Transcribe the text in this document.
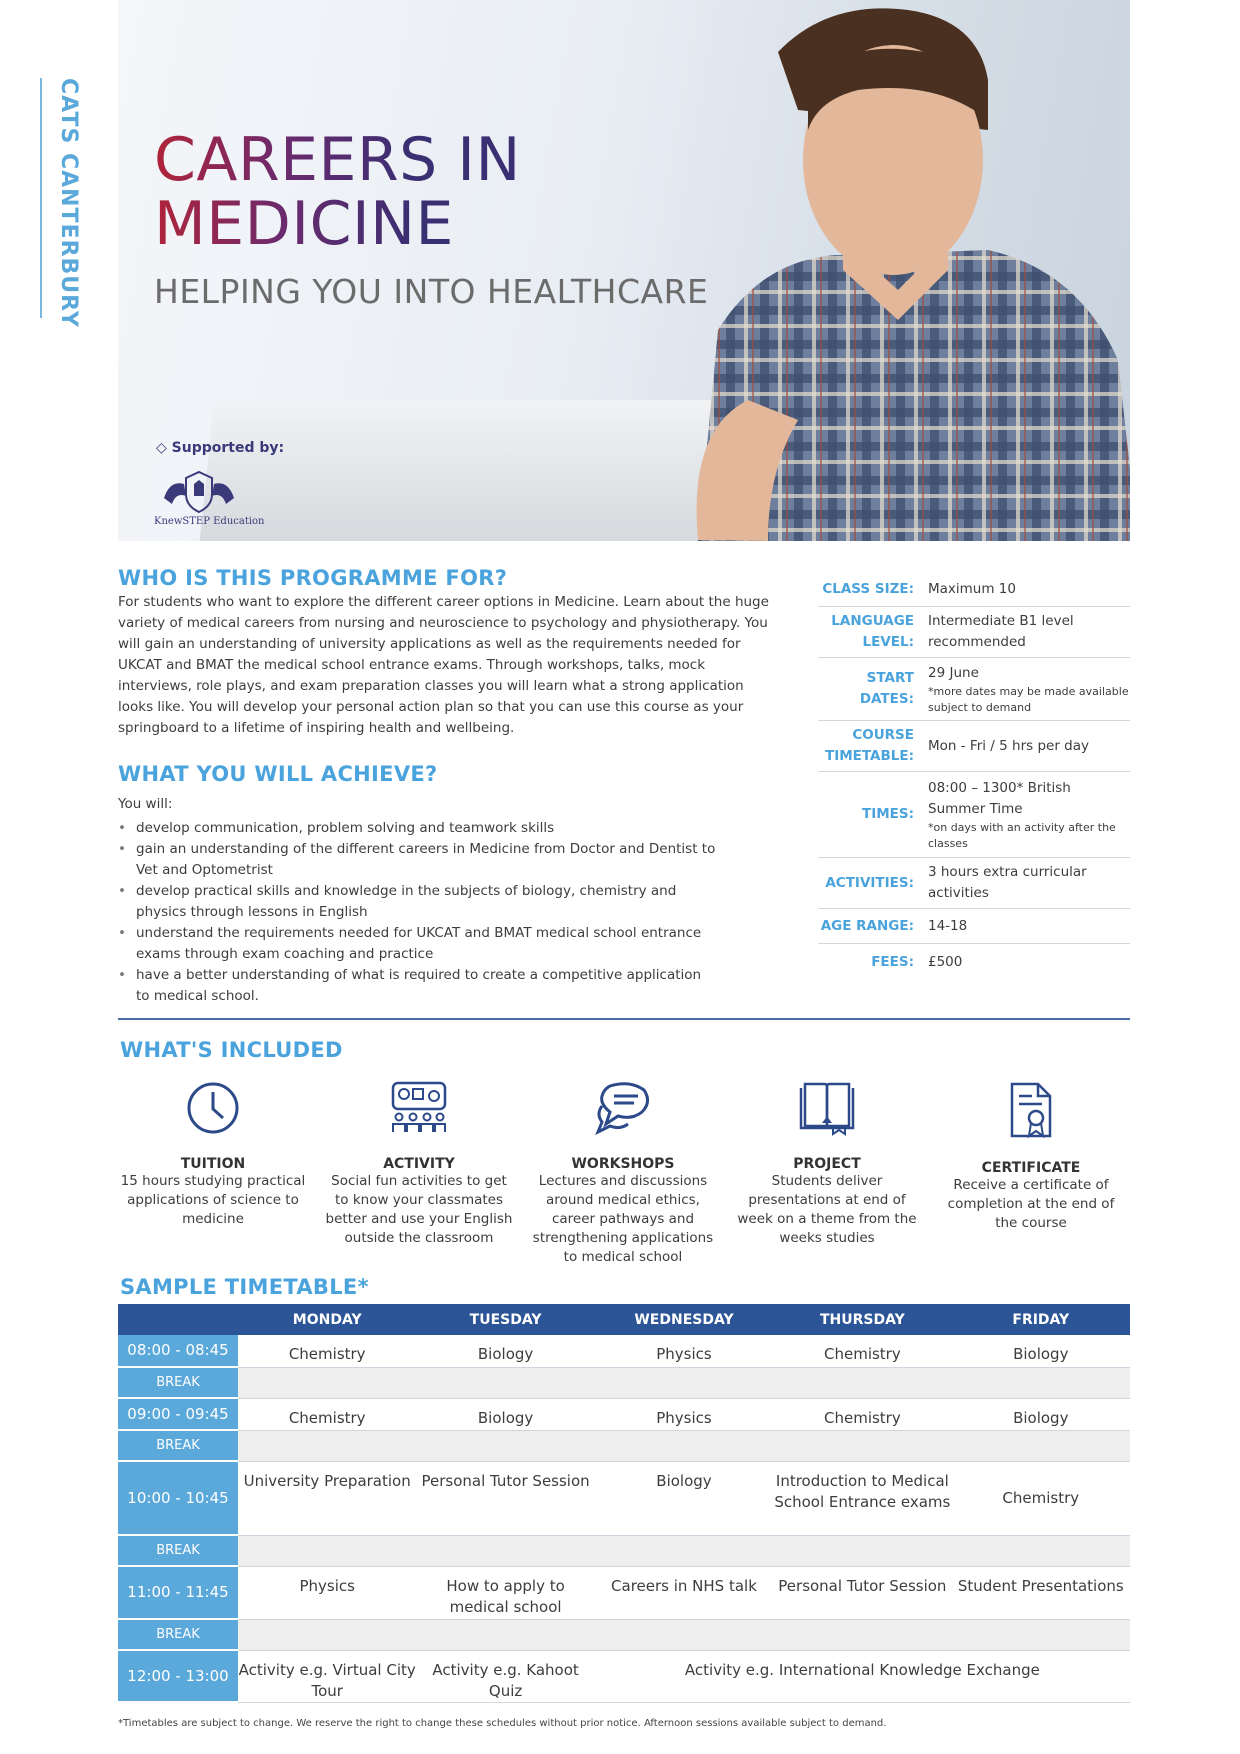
CATS CANTERBURY CAREERS IN
MEDICINE
HELPING YOU INTO HEALTHCARE
◇ Supported by:
KnewSTEP Education
WHO IS THIS PROGRAMME FOR?
For students who want to explore the different career options in Medicine. Learn about the huge variety of medical careers from nursing and neuroscience to psychology and physiotherapy. You will gain an understanding of university applications as well as the requirements needed for UKCAT and BMAT the medical school entrance exams. Through workshops, talks, mock interviews, role plays, and exam preparation classes you will learn what a strong application looks like. You will develop your personal action plan so that you can use this course as your springboard to a lifetime of inspiring health and wellbeing.
WHAT YOU WILL ACHIEVE?
You will:
• develop communication, problem solving and teamwork skills
• gain an understanding of the different careers in Medicine from Doctor and Dentist to Vet and Optometrist
• develop practical skills and knowledge in the subjects of biology, chemistry and physics through lessons in English
• understand the requirements needed for UKCAT and BMAT medical school entrance exams through exam coaching and practice
• have a better understanding of what is required to create a competitive application to medical school.
CLASS SIZE:	Maximum 10
LANGUAGE LEVEL:
Intermediate B1 level recommended
START DATES:
29 June
*more dates may be made available subject to demand
COURSE TIMETABLE:
Mon - Fri / 5 hrs per day
TIMES:
08:00 – 1300* British Summer Time
*on days with an activity after the classes
ACTIVITIES:
3 hours extra curricular activities
AGE RANGE:	14-18
FEES:	£500
WHAT'S INCLUDED
TUITION
15 hours studying practical applications of science to medicine
ACTIVITY
Social fun activities to get to know your classmates better and use your English outside the classroom
WORKSHOPS
Lectures and discussions around medical ethics, career pathways and strengthening applications to medical school
PROJECT
Students deliver presentations at end of week on a theme from the weeks studies
CERTIFICATE
Receive a certificate of completion at the end of the course
SAMPLE TIMETABLE*
	MONDAY	TUESDAY	WEDNESDAY	THURSDAY	FRIDAY
08:00 - 08:45	Chemistry	Biology	Physics	Chemistry	Biology
BREAK					
09:00 - 09:45	Chemistry	Biology	Physics	Chemistry	Biology
BREAK					
10:00 - 10:45	University Preparation	Personal Tutor Session	Biology	Introduction to Medical School Entrance exams	Chemistry
BREAK					
11:00 - 11:45	Physics	How to apply to medical school	Careers in NHS talk	Personal Tutor Session	Student Presentations
BREAK					
12:00 - 13:00	Activity e.g. Virtual City Tour	Activity e.g. Kahoot Quiz	Activity e.g. International Knowledge Exchange		
*Timetables are subject to change. We reserve the right to change these schedules without prior notice. Afternoon sessions available subject to demand.
